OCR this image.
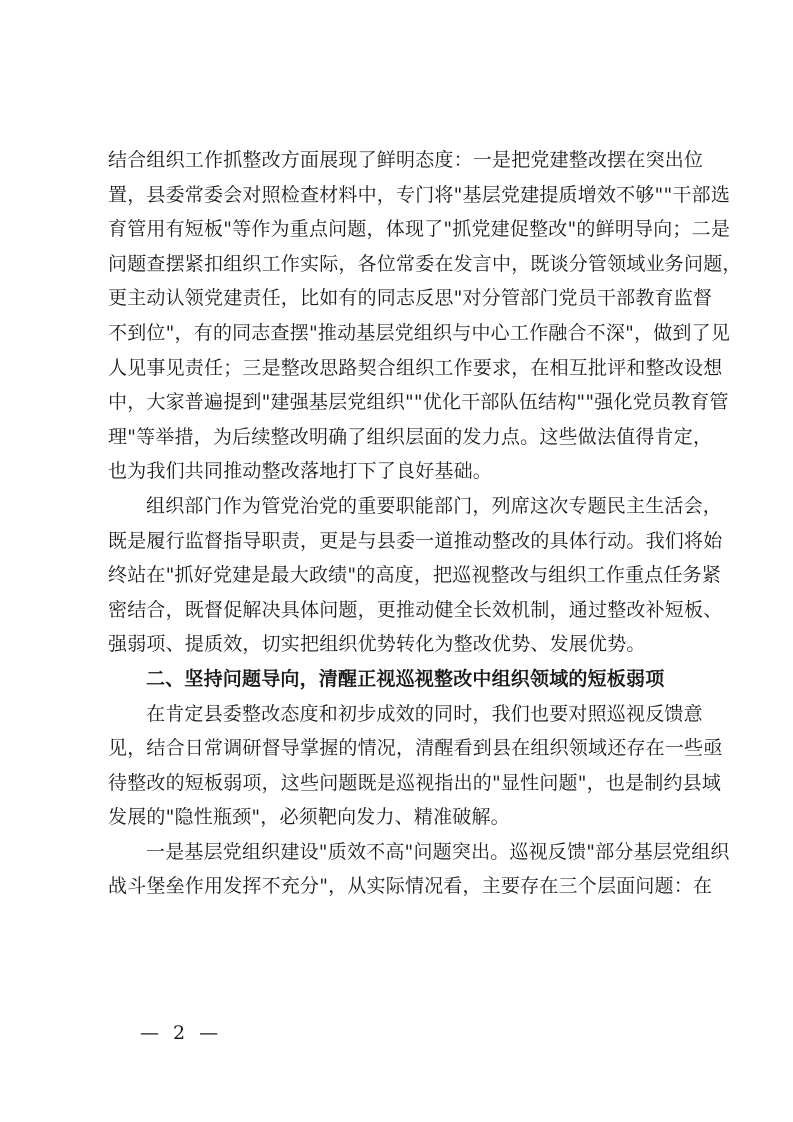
结合组织工作抓整改方面展现了鲜明态度：一是把党建整改摆在突出位
置，县委常委会对照检查材料中，专门将"基层党建提质增效不够""干部选
育管用有短板"等作为重点问题，体现了"抓党建促整改"的鲜明导向；二是
问题查摆紧扣组织工作实际，各位常委在发言中，既谈分管领域业务问题，
更主动认领党建责任，比如有的同志反思"对分管部门党员干部教育监督
不到位"，有的同志查摆"推动基层党组织与中心工作融合不深"，做到了见
人见事见责任；三是整改思路契合组织工作要求，在相互批评和整改设想
中，大家普遍提到"建强基层党组织""优化干部队伍结构""强化党员教育管
理"等举措，为后续整改明确了组织层面的发力点。这些做法值得肯定，
也为我们共同推动整改落地打下了良好基础。
组织部门作为管党治党的重要职能部门，列席这次专题民主生活会，
既是履行监督指导职责，更是与县委一道推动整改的具体行动。我们将始
终站在"抓好党建是最大政绩"的高度，把巡视整改与组织工作重点任务紧
密结合，既督促解决具体问题，更推动健全长效机制，通过整改补短板、
强弱项、提质效，切实把组织优势转化为整改优势、发展优势。
二、坚持问题导向，清醒正视巡视整改中组织领域的短板弱项
在肯定县委整改态度和初步成效的同时，我们也要对照巡视反馈意
见，结合日常调研督导掌握的情况，清醒看到县在组织领域还存在一些亟
待整改的短板弱项，这些问题既是巡视指出的"显性问题"，也是制约县域
发展的"隐性瓶颈"，必须靶向发力、精准破解。
一是基层党组织建设"质效不高"问题突出。巡视反馈"部分基层党组织
战斗堡垒作用发挥不充分"，从实际情况看，主要存在三个层面问题：在
— 2 —
